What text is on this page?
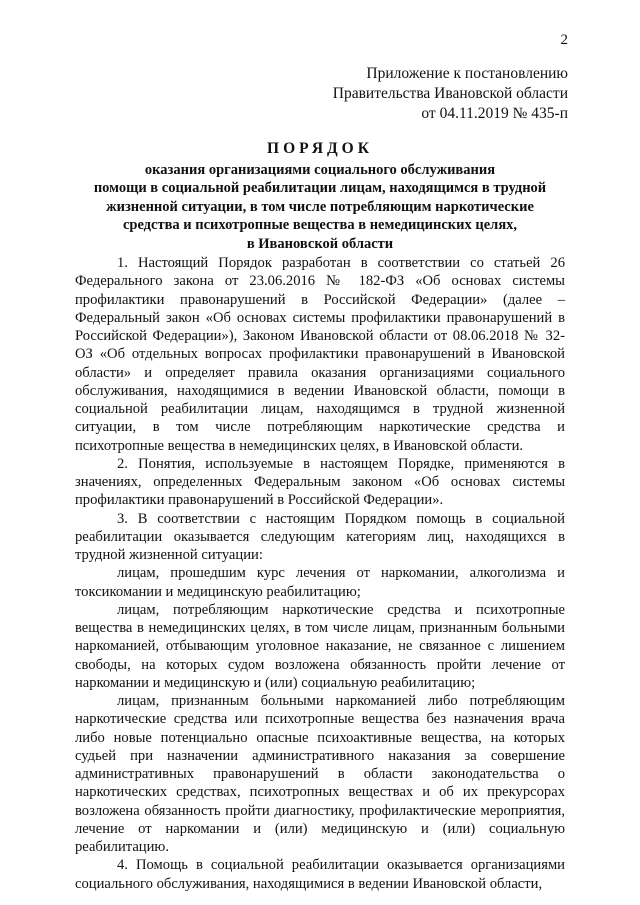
2
Приложение к постановлению
Правительства Ивановской области
от 04.11.2019 № 435-п
ПОРЯДОК
оказания организациями социального обслуживания
помощи в социальной реабилитации лицам, находящимся в трудной
жизненной ситуации, в том числе потребляющим наркотические
средства и психотропные вещества в немедицинских целях,
в Ивановской области

1. Настоящий Порядок разработан в соответствии со статьей 26 Федерального закона от 23.06.2016 № 182-ФЗ «Об основах системы профилактики правонарушений в Российской Федерации» (далее – Федеральный закон «Об основах системы профилактики правонарушений в Российской Федерации»), Законом Ивановской области от 08.06.2018 № 32-ОЗ «Об отдельных вопросах профилактики правонарушений в Ивановской области» и определяет правила оказания организациями социального обслуживания, находящимися в ведении Ивановской области, помощи в социальной реабилитации лицам, находящимся в трудной жизненной ситуации, в том числе потребляющим наркотические средства и психотропные вещества в немедицинских целях, в Ивановской области.

2. Понятия, используемые в настоящем Порядке, применяются в значениях, определенных Федеральным законом «Об основах системы профилактики правонарушений в Российской Федерации».

3. В соответствии с настоящим Порядком помощь в социальной реабилитации оказывается следующим категориям лиц, находящихся в трудной жизненной ситуации:

лицам, прошедшим курс лечения от наркомании, алкоголизма и токсикомании и медицинскую реабилитацию;

лицам, потребляющим наркотические средства и психотропные вещества в немедицинских целях, в том числе лицам, признанным больными наркоманией, отбывающим уголовное наказание, не связанное с лишением свободы, на которых судом возложена обязанность пройти лечение от наркомании и медицинскую и (или) социальную реабилитацию;

лицам, признанным больными наркоманией либо потребляющим наркотические средства или психотропные вещества без назначения врача либо новые потенциально опасные психоактивные вещества, на которых судьей при назначении административного наказания за совершение административных правонарушений в области законодательства о наркотических средствах, психотропных веществах и об их прекурсорах возложена обязанность пройти диагностику, профилактические мероприятия, лечение от наркомании и (или) медицинскую и (или) социальную реабилитацию.

4. Помощь в социальной реабилитации оказывается организациями социального обслуживания, находящимися в ведении Ивановской области,
